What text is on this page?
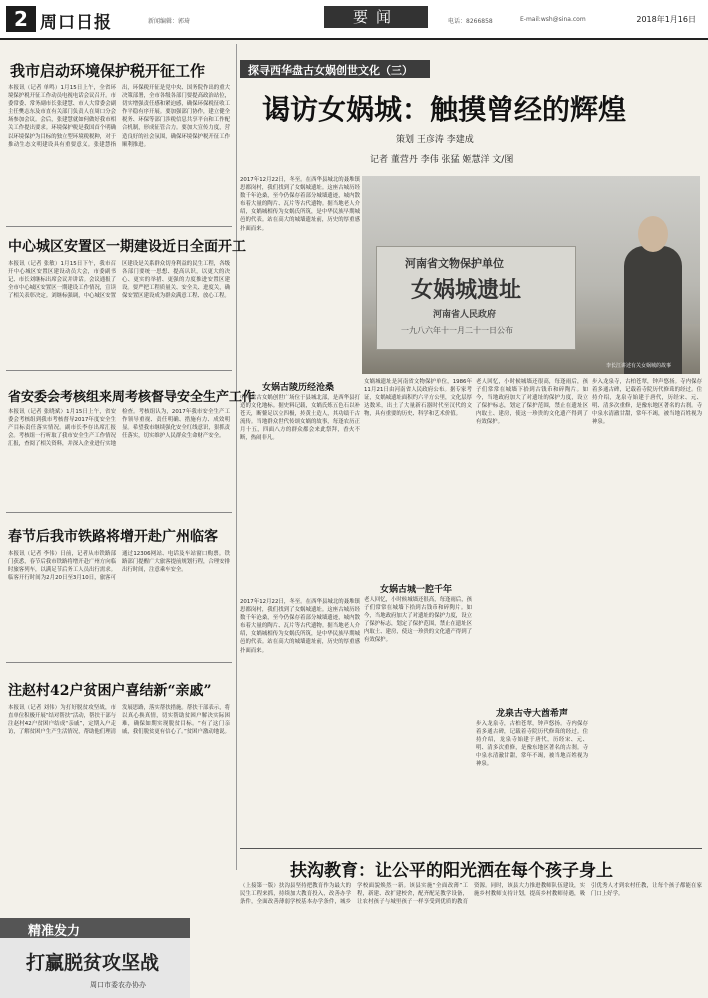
2 周口日报	新闻编辑：郭琦	电话：8266858	E-mail:wsh@sina.com
要闻	2018年1月16日
我市启动环境保护税开征工作
本报讯（记者 单鸣）1月15日上午，全省环境保护税开征工作动员电视电话会议召开。市委常委、常务副市长张建慧、市人大常委会副主任樊志东及市直有关部门负责人在周口分会场参加会议。会后，张建慧就如何做好我市相关工作提出要求。环境保护税是我国首个明确以环境保护为目标的独立型环境税税种，对于推动生态文明建设具有重要意义。张建慧指出，环保税开征是党中央、国务院作出的重大决策部署，全市各级各部门要提高政治站位，切实增强责任感和紧迫感，确保环保税征收工作平稳有序开展。要加强部门协作，建立健全税务、环保等部门涉税信息共享平台和工作配合机制，形成征管合力。要加大宣传力度，营造良好的社会氛围，确保环境保护税开征工作顺利推进。
中心城区安置区一期建设近日全面开工
本报讯（记者 张敏）1月15日下午，我市召开中心城区安置区建设动员大会，市委副书记、市长刘继标出席会议并讲话。会议通报了全市中心城区安置区一期建设工作情况，宣读了相关表彰决定。刘继标强调，中心城区安置区建设是关系群众切身利益的民生工程，各级各部门要统一思想、提高认识，以更大的决心、更实的举措、更强的力度推进安置区建设。要严把工程质量关、安全关、进度关，确保安置区建设成为群众满意工程、放心工程。
省安委会考核组来周考核督导安全生产工作
本报讯（记者 张晓斌）1月15日上午，省安委会考核组到我市考核督导2017年度安全生产目标责任落实情况。副市长李存出席汇报会。考核组一行听取了我市安全生产工作情况汇报，查阅了相关资料，并深入企业进行实地检查。考核组认为，2017年我市安全生产工作领导重视、责任明确、措施有力、成效明显。希望我市继续强化安全红线意识，狠抓责任落实，切实维护人民群众生命财产安全。
春节后我市铁路将增开赴广州临客
本报讯（记者 李伟）日前，记者从市铁路部门获悉，春节后我市铁路将增开赴广州方向临时旅客列车，以满足节后务工人员出行需求。临客开行时间为2月20日至3月10日，旅客可通过12306网站、电话及车站窗口购票。铁路部门提醒广大旅客提前规划行程，合理安排出行时间，注意乘车安全。
注赵村42户贫困户喜结新“亲戚”
本报讯（记者 刘伟）为打好脱贫攻坚战，市直单位积极开展“结对帮扶”活动，帮扶干部与注赵村42户贫困户结成“亲戚”，定期入户走访，了解贫困户生产生活情况，帮助他们理清发展思路，落实帮扶措施。帮扶干部表示，将以真心换真情，切实帮助贫困户解决实际困难，确保如期实现脱贫目标。“有了这门亲戚，我们脱贫更有信心了。”贫困户激动地说。
精准发力
打赢脱贫攻坚战
周口市委农办协办
探寻西华盘古女娲创世文化（三）
谒访女娲城：触摸曾经的辉煌
策划 王彦涛 李建成
记者 董营丹 李伟 张猛 姬慧洋 文/图
2017年12月22日，冬至。在西华县城北的聂堆镇思都岗村，我们找到了女娲城遗址。这座古城历经数千年沧桑，至今仍保存着部分城墙遗迹，城内散布着大量的陶片、瓦片等古代遗物。据当地老人介绍，女娲城相传为女娲氏所筑，是中华民族早期城邑的代表。站在高大的城墙遗址前，历史的厚重感扑面而来。
河南省文物保护单位
女娲城遗址
河南省人民政府
一九八六年十一月二十一日公布
李长江讲述有关女娲城的故事
女娲古陵历经沧桑
中华盘古女娲创世广场位于县城北部，是西华县打造的文化地标。据史料记载，女娲氏炼五色石以补苍天，断鳌足以立四极，抟黄土造人，其功绩千古流传。当地群众世代传颂女娲的故事，每逢农历正月十五，四面八方的群众都会来此祭拜，香火不断，热闹非凡。
女娲城遗址是河南省文物保护单位，1986年11月21日由河南省人民政府公布。据专家考证，女娲城遗址面积约六平方公里，文化层厚达数米，出土了大量新石器时代至汉代的文物，具有重要的历史、科学和艺术价值。
女娲古城一腔千年
老人回忆，小时候城墙还很高，每逢雨后，孩子们常常在城墙下拾到古钱币和碎陶片。如今，当地政府加大了对遗址的保护力度，设立了保护标志，划定了保护范围，禁止在遗址区内取土、建房，使这一珍贵的文化遗产得到了有效保护。
老人回忆，小时候城墙还很高，每逢雨后，孩子们常常在城墙下拾到古钱币和碎陶片。如今，当地政府加大了对遗址的保护力度，设立了保护标志，划定了保护范围，禁止在遗址区内取土、建房，使这一珍贵的文化遗产得到了有效保护。
龙泉古寺大酋希声
步入龙泉寺，古柏苍翠，钟声悠扬。寺内保存着多通古碑，记载着寺院历代修葺的经过。住持介绍，龙泉寺始建于唐代，历经宋、元、明、清多次重修，是豫东地区著名的古刹。寺中泉水清澈甘甜，常年不竭，被当地百姓视为神泉。
步入龙泉寺，古柏苍翠，钟声悠扬。寺内保存着多通古碑，记载着寺院历代修葺的经过。住持介绍，龙泉寺始建于唐代，历经宋、元、明、清多次重修，是豫东地区著名的古刹。寺中泉水清澈甘甜，常年不竭，被当地百姓视为神泉。
2017年12月22日，冬至。在西华县城北的聂堆镇思都岗村，我们找到了女娲城遗址。这座古城历经数千年沧桑，至今仍保存着部分城墙遗迹，城内散布着大量的陶片、瓦片等古代遗物。据当地老人介绍，女娲城相传为女娲氏所筑，是中华民族早期城邑的代表。站在高大的城墙遗址前，历史的厚重感扑面而来。
扶沟教育：让公平的阳光洒在每个孩子身上
（上接第一版）扶沟县坚持把教育作为最大的民生工程来抓，持续加大教育投入，改善办学条件，全面改善薄弱学校基本办学条件，城乡学校面貌焕然一新。该县实施“全面改薄”工程，新建、改扩建校舍，配齐配足教学设备，让农村孩子与城里孩子一样享受到优质的教育资源。同时，该县大力推进教师队伍建设，实施乡村教师支持计划，提高乡村教师待遇，吸引优秀人才到农村任教，让每个孩子都能在家门口上好学。
